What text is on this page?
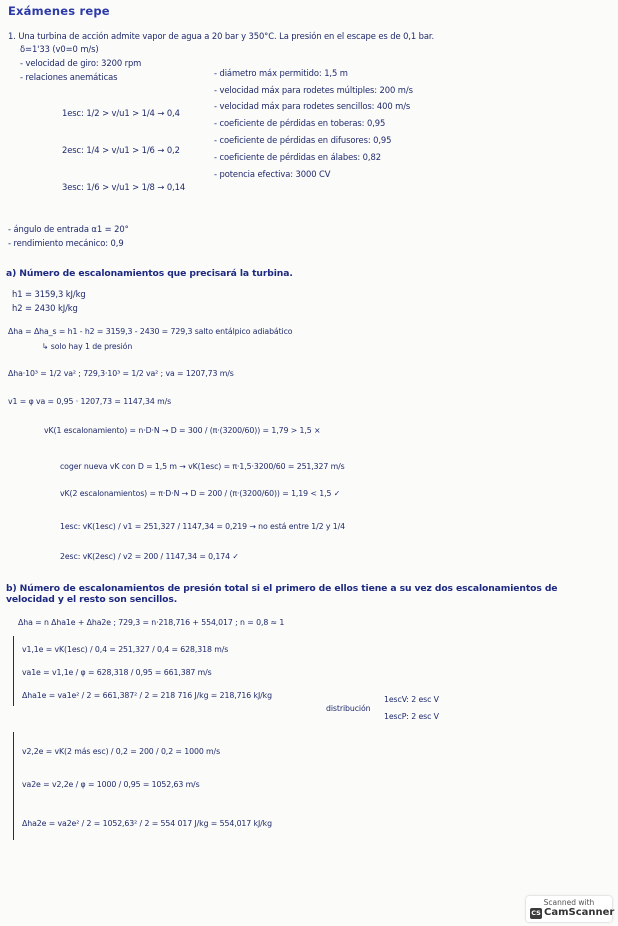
Exámenes repe
1. Una turbina de acción admite vapor de agua a 20 bar y 350°C. La presión en el escape es de 0,1 bar.
δ=1'33 (v0=0 m/s)
- velocidad de giro: 3200 rpm
- relaciones anemáticas
1esc: 1/2 > v/u1 > 1/4 → 0,4
2esc: 1/4 > v/u1 > 1/6 → 0,2
3esc: 1/6 > v/u1 > 1/8 → 0,14
- ángulo de entrada α1 = 20°
- rendimiento mecánico: 0,9
- diámetro máx permitido: 1,5 m
- velocidad máx para rodetes múltiples: 200 m/s
- velocidad máx para rodetes sencillos: 400 m/s
- coeficiente de pérdidas en toberas: 0,95
- coeficiente de pérdidas en difusores: 0,95
- coeficiente de pérdidas en álabes: 0,82
- potencia efectiva: 3000 CV
a) Número de escalonamientos que precisará la turbina.
h1 = 3159,3 kJ/kg
h2 = 2430 kJ/kg
Δha = Δha_s = h1 - h2 = 3159,3 - 2430 = 729,3 salto entálpico adiabático
↳ solo hay 1 de presión
Δha·10³ = 1/2 va² ; 729,3·10³ = 1/2 va² ; va = 1207,73 m/s
v1 = φ va = 0,95 · 1207,73 = 1147,34 m/s
vK(1 escalonamiento) = n·D·N → D = 300 / (π·(3200/60)) = 1,79 > 1,5 ×
coger nueva vK con D = 1,5 m → vK(1esc) = π·1,5·3200/60 = 251,327 m/s
vK(2 escalonamientos) = π·D·N → D = 200 / (π·(3200/60)) = 1,19 < 1,5 ✓
1esc: vK(1esc) / v1 = 251,327 / 1147,34 = 0,219 → no está entre 1/2 y 1/4
2esc: vK(2esc) / v2 = 200 / 1147,34 = 0,174 ✓
b) Número de escalonamientos de presión total si el primero de ellos tiene a su vez dos escalonamientos de velocidad y el resto son sencillos.
Δha = n Δha1e + Δha2e ; 729,3 = n·218,716 + 554,017 ; n = 0,8 ≈ 1
v1,1e = vK(1esc) / 0,4 = 251,327 / 0,4 = 628,318 m/s
va1e = v1,1e / φ = 628,318 / 0,95 = 661,387 m/s
Δha1e = va1e² / 2 = 661,387² / 2 = 218 716 J/kg = 218,716 kJ/kg
distribución
1escV: 2 esc V
1escP: 2 esc V
v2,2e = vK(2 más esc) / 0,2 = 200 / 0,2 = 1000 m/s
va2e = v2,2e / φ = 1000 / 0,95 = 1052,63 m/s
Δha2e = va2e² / 2 = 1052,63² / 2 = 554 017 J/kg = 554,017 kJ/kg
Scanned with
CS CamScanner
